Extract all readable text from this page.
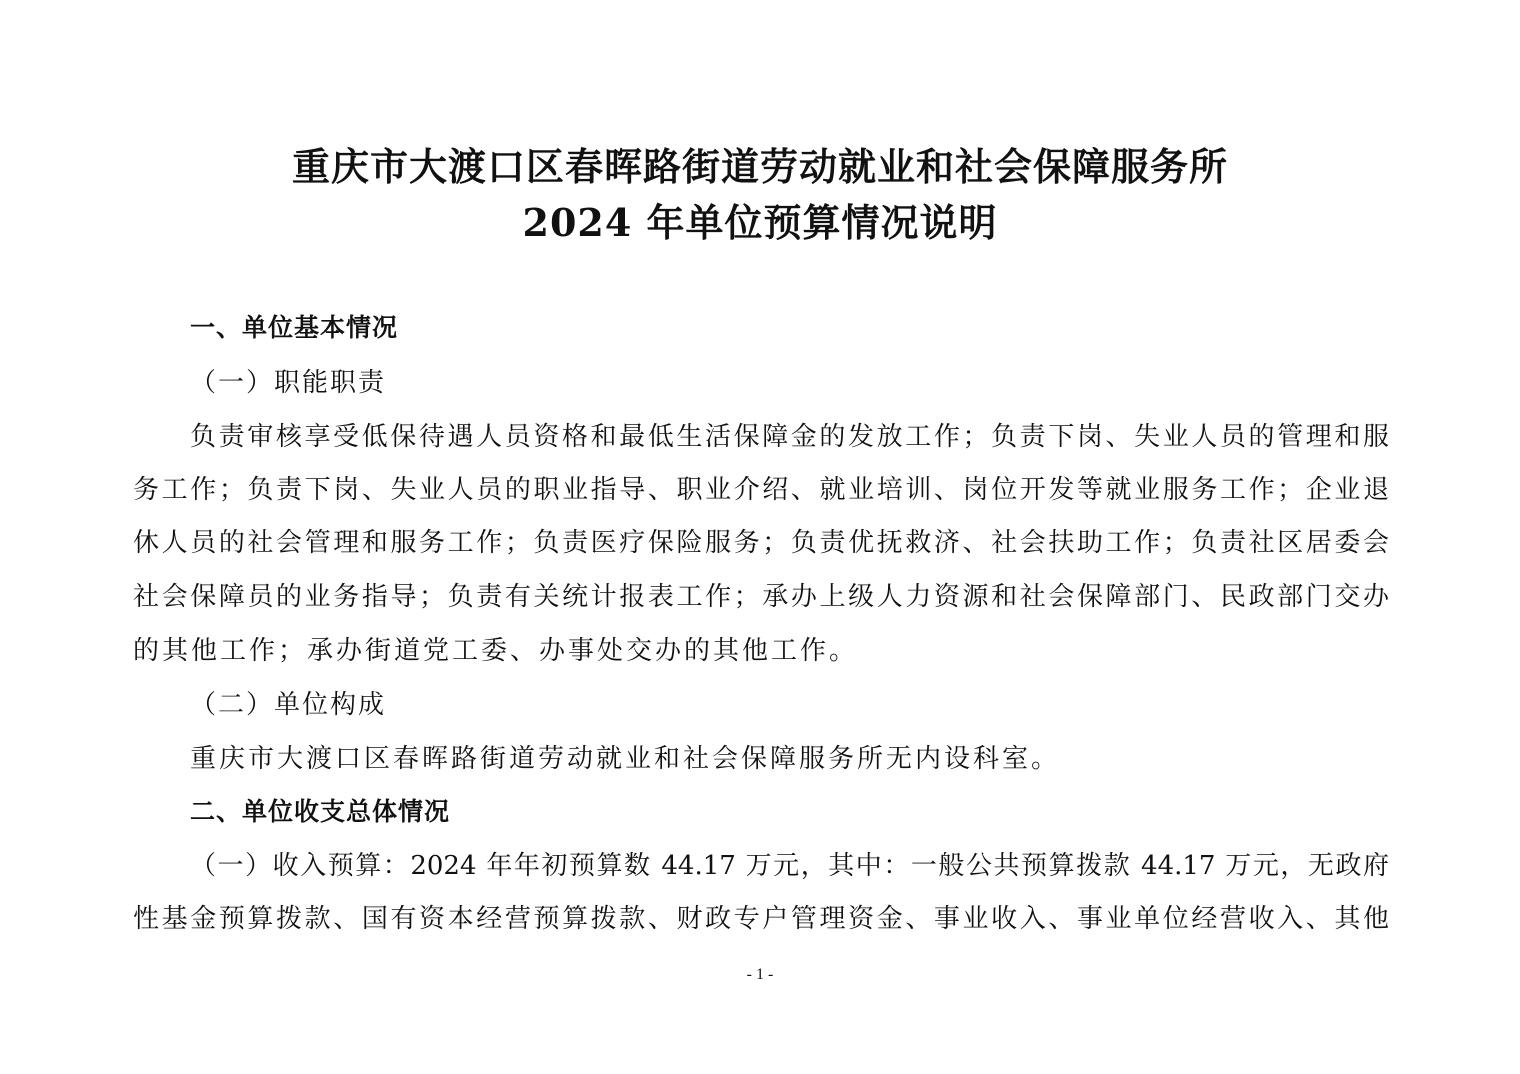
重庆市大渡口区春晖路街道劳动就业和社会保障服务所
2024 年单位预算情况说明
一、单位基本情况
（一）职能职责
负责审核享受低保待遇人员资格和最低生活保障金的发放工作；负责下岗、失业人员的管理和服
务工作；负责下岗、失业人员的职业指导、职业介绍、就业培训、岗位开发等就业服务工作；企业退
休人员的社会管理和服务工作；负责医疗保险服务；负责优抚救济、社会扶助工作；负责社区居委会
社会保障员的业务指导；负责有关统计报表工作；承办上级人力资源和社会保障部门、民政部门交办
的其他工作；承办街道党工委、办事处交办的其他工作。
（二）单位构成
重庆市大渡口区春晖路街道劳动就业和社会保障服务所无内设科室。
二、单位收支总体情况
（一）收入预算：2024 年年初预算数 44.17 万元，其中：一般公共预算拨款 44.17 万元，无政府
性基金预算拨款、国有资本经营预算拨款、财政专户管理资金、事业收入、事业单位经营收入、其他
- 1 -
